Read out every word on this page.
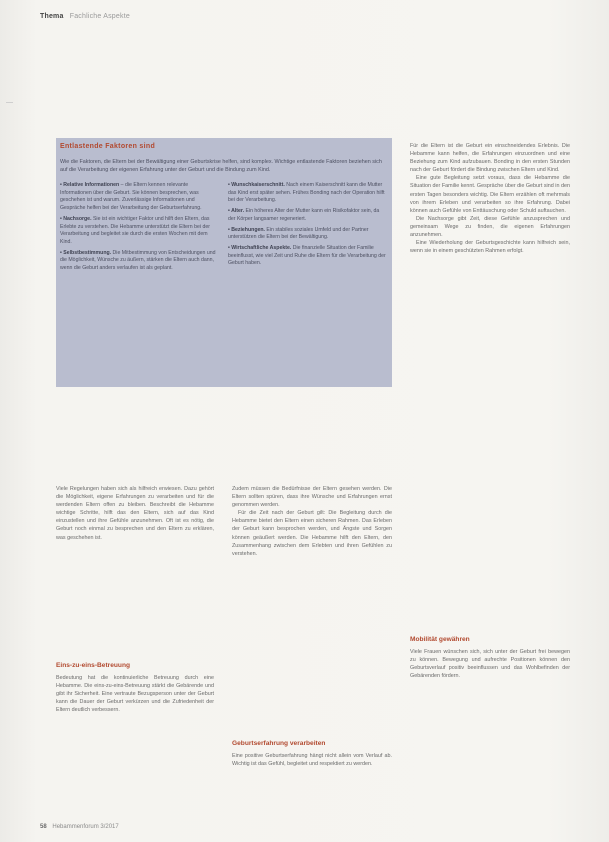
Thema Fachliche Aspekte
Entlastende Faktoren sind
Wie die Faktoren, die Eltern bei der Bewältigung einer Geburtskrise helfen, sind komplex. Wichtige entlastende Faktoren beziehen sich auf die Verarbeitung der eigenen Erfahrung unter der Geburt und die Bindung zum Kind.

• Relative Informationen – die Eltern kennen relevante Informationen über die Geburt. Sie können besprechen, was geschehen ist und warum. Zuverlässige Informationen und Gespräche helfen bei der Verarbeitung der Geburtserfahrung.

• Nachsorge. Sie ist ein wichtiger Faktor und hilft den Eltern, das Erlebte zu verstehen. Die Hebamme unterstützt die Eltern bei der Verarbeitung und begleitet sie durch die ersten Wochen mit dem Kind.

• Selbstbestimmung. Die Mitbestimmung von Entscheidungen und die Möglichkeit, Wünsche zu äußern, stärken die Eltern auch dann, wenn die Geburt anders verlaufen ist als geplant.

• Wunschkaiserschnitt. Nach einem Kaiserschnitt kann die Mutter das Kind erst später sehen. Frühes Bonding nach der Operation hilft bei der Verarbeitung.

• Alter. Ein höheres Alter der Mutter kann ein Risikofaktor sein, da der Körper langsamer regeneriert.

• Beziehungen. Ein stabiles soziales Umfeld und der Partner unterstützen die Eltern bei der Bewältigung.

• Wirtschaftliche Aspekte. Die finanzielle Situation der Familie beeinflusst, wie viel Zeit und Ruhe die Eltern für die Verarbeitung der Geburt haben.

Für die Eltern ist die Geburt ein einschneidendes Erlebnis. Die Hebamme kann helfen, die Erfahrungen einzuordnen und eine Beziehung zum Kind aufzubauen. Bonding in den ersten Stunden nach der Geburt fördert die Bindung zwischen Eltern und Kind.

Eine gute Begleitung setzt voraus, dass die Hebamme die Situation der Familie kennt. Gespräche über die Geburt sind in den ersten Tagen besonders wichtig. Die Eltern erzählen oft mehrmals von ihrem Erleben und verarbeiten so ihre Erfahrung. Dabei können auch Gefühle von Enttäuschung oder Schuld auftauchen.

Die Nachsorge gibt Zeit, diese Gefühle anzusprechen und gemeinsam Wege zu finden, die eigenen Erfahrungen anzunehmen.

Eine Wiederholung der Geburtsgeschichte kann hilfreich sein, wenn sie in einem geschützten Rahmen erfolgt.

Mobilität gewähren

Viele Frauen wünschen sich, sich unter der Geburt frei bewegen zu können. Bewegung und aufrechte Positionen können den Geburtsverlauf positiv beeinflussen und das Wohlbefinden der Gebärenden fördern.

Viele Regelungen haben sich als hilfreich erwiesen. Dazu gehört die Möglichkeit, eigene Erfahrungen zu verarbeiten und für die werdenden Eltern offen zu bleiben. Beschreibt die Hebamme wichtige Schritte, hilft das den Eltern, sich auf das Kind einzustellen und ihre Gefühle anzunehmen. Oft ist es nötig, die Geburt noch einmal zu besprechen und den Eltern zu erklären, was geschehen ist.

Eins-zu-eins-Betreuung

Bedeutung hat die kontinuierliche Betreuung durch eine Hebamme. Die eins-zu-eins-Betreuung stärkt die Gebärende und gibt ihr Sicherheit. Eine vertraute Bezugsperson unter der Geburt kann die Dauer der Geburt verkürzen und die Zufriedenheit der Eltern deutlich verbessern.

Zudem müssen die Bedürfnisse der Eltern gesehen werden. Die Eltern sollten spüren, dass ihre Wünsche und Erfahrungen ernst genommen werden.

Für die Zeit nach der Geburt gilt: Die Begleitung durch die Hebamme bietet den Eltern einen sicheren Rahmen. Das Erleben der Geburt kann besprochen werden, und Ängste und Sorgen können geäußert werden. Die Hebamme hilft den Eltern, den Zusammenhang zwischen dem Erlebten und ihren Gefühlen zu verstehen.

Geburtserfahrung verarbeiten

Eine positive Geburtserfahrung hängt nicht allein vom Verlauf ab. Wichtig ist das Gefühl, begleitet und respektiert zu werden.

58 Hebammenforum 3/2017
